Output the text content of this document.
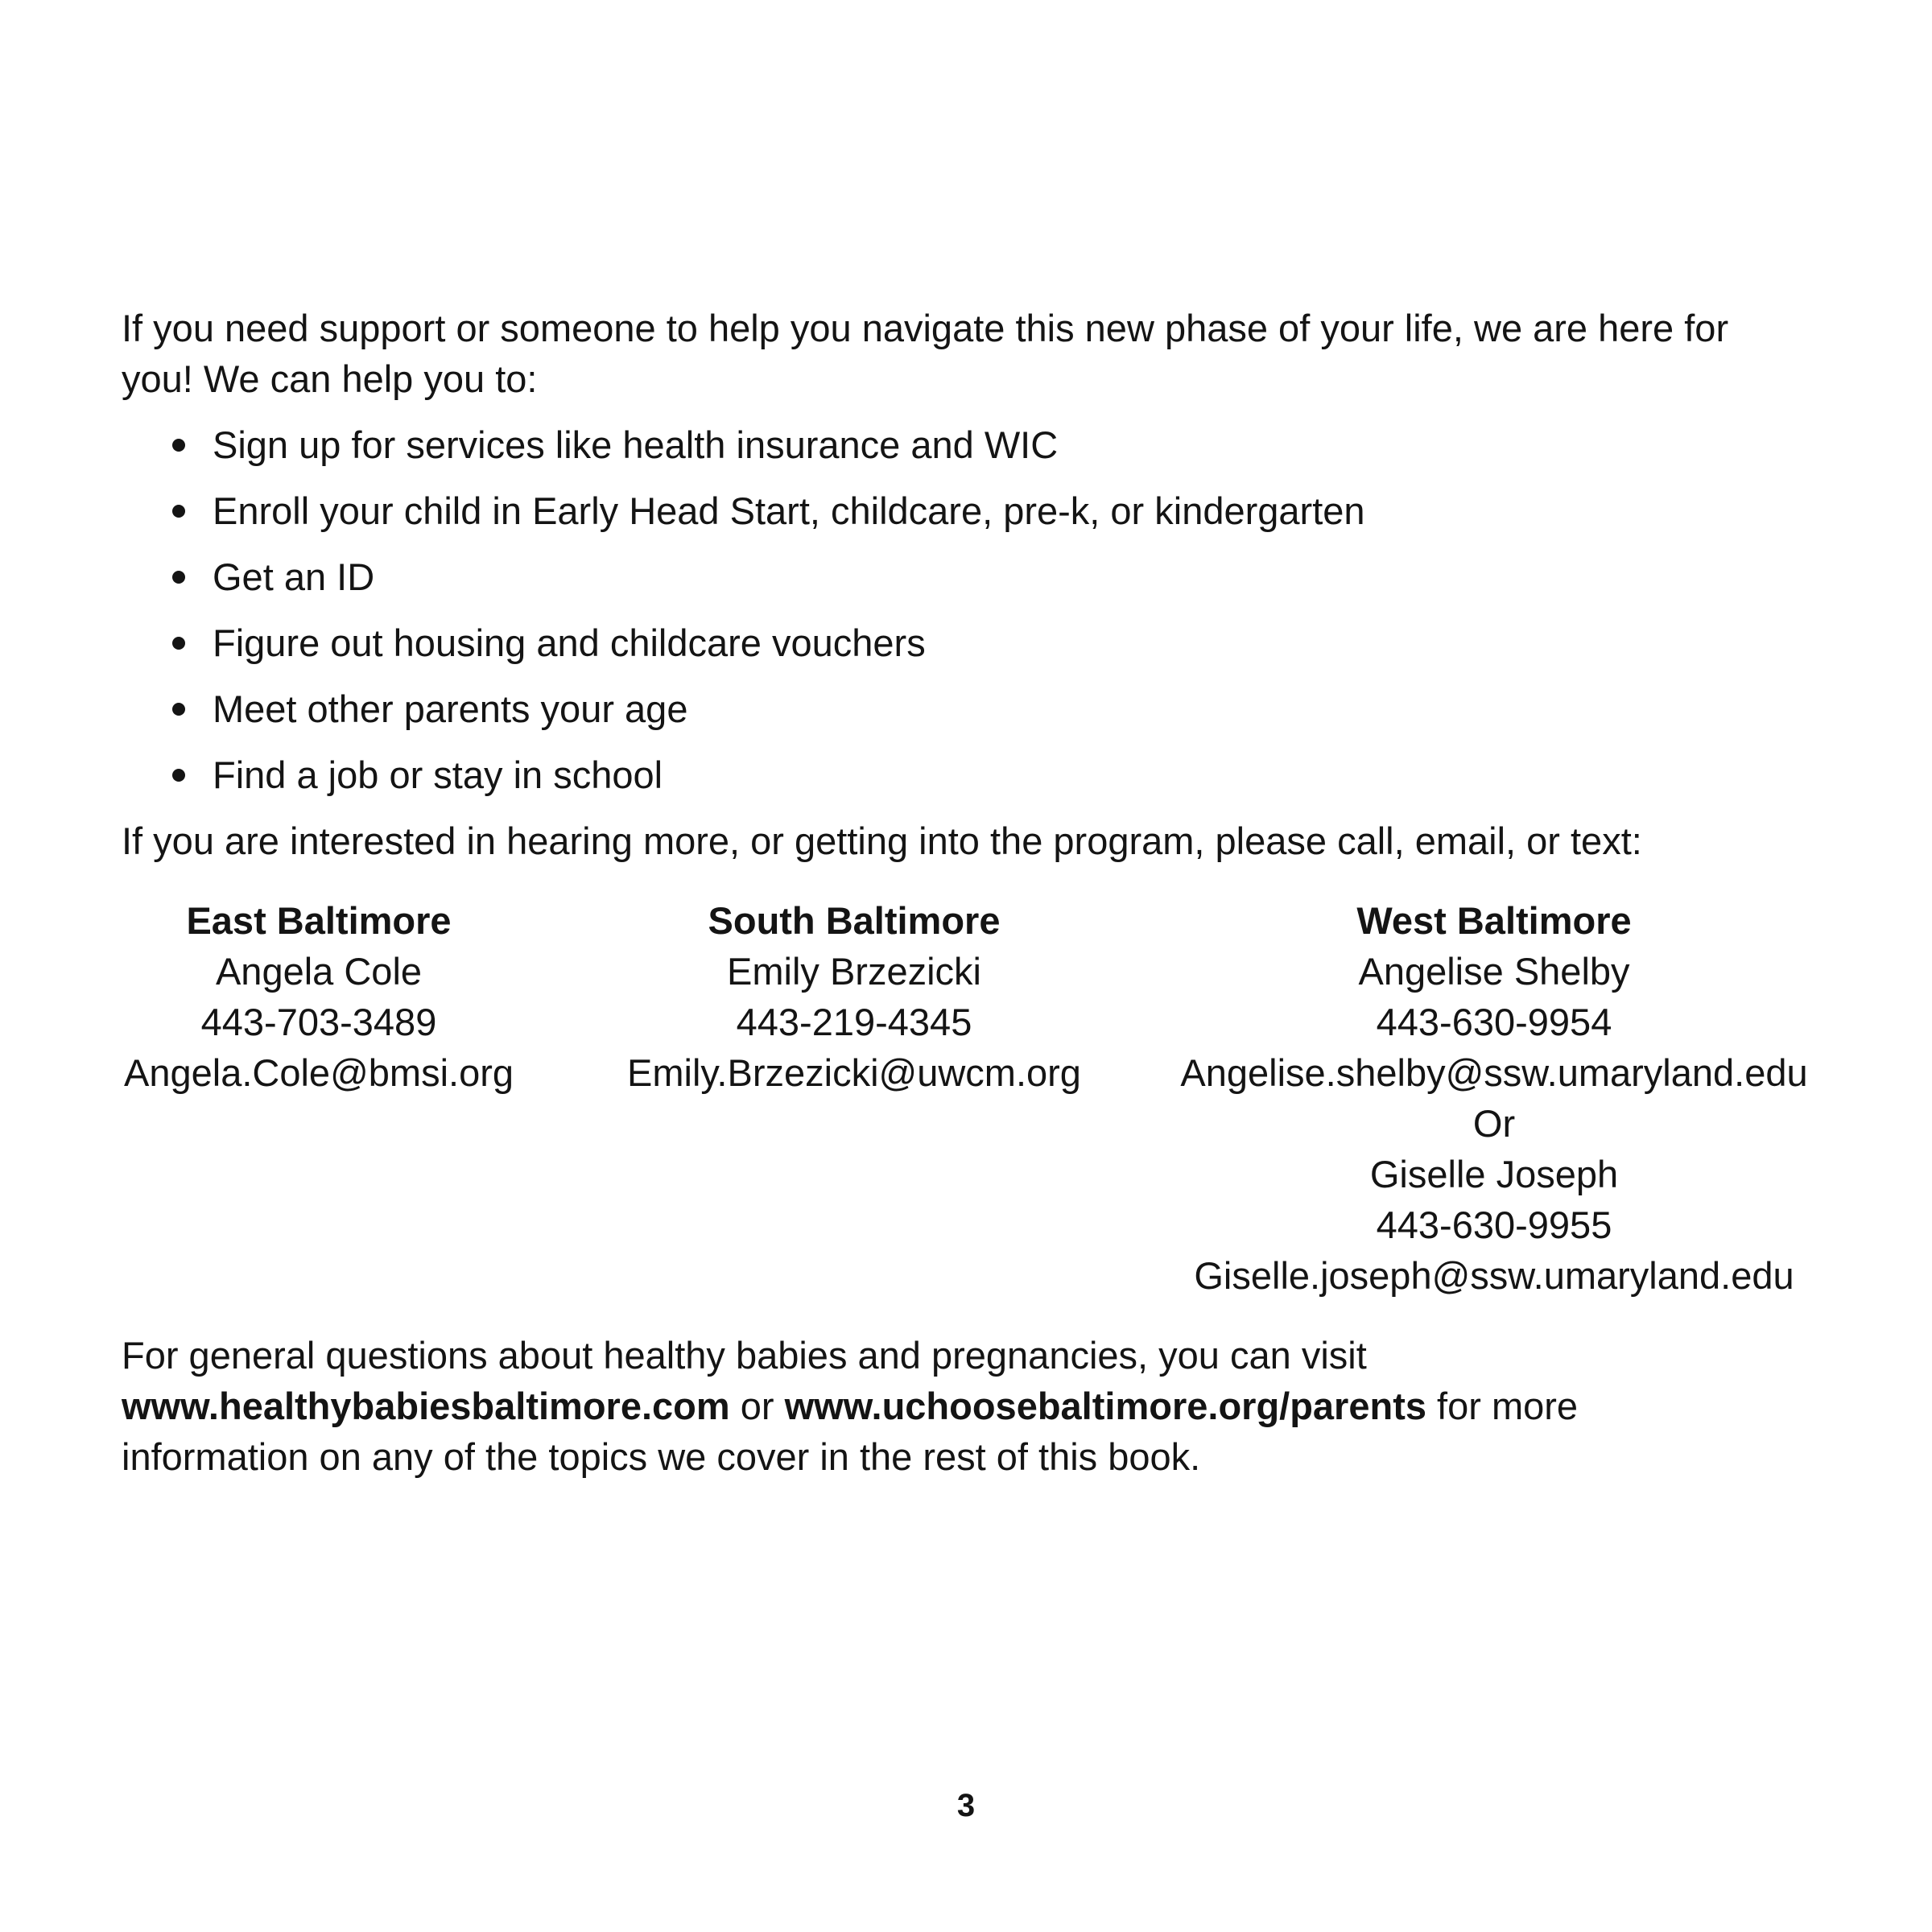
If you need support or someone to help you navigate this new phase of your life, we are here for
you! We can help you to:

Sign up for services like health insurance and WIC
Enroll your child in Early Head Start, childcare, pre-k, or kindergarten
Get an ID
Figure out housing and childcare vouchers
Meet other parents your age
Find a job or stay in school

If you are interested in hearing more, or getting into the program, please call, email, or text:

East Baltimore
Angela Cole
443-703-3489
Angela.Cole@bmsi.org
South Baltimore
Emily Brzezicki
443-219-4345
Emily.Brzezicki@uwcm.org
West Baltimore
Angelise Shelby
443-630-9954
Angelise.shelby@ssw.umaryland.edu
Or
Giselle Joseph
443-630-9955
Giselle.joseph@ssw.umaryland.edu

For general questions about healthy babies and pregnancies, you can visit
www.healthybabiesbaltimore.com or www.uchoosebaltimore.org/parents for more
information on any of the topics we cover in the rest of this book.

3
